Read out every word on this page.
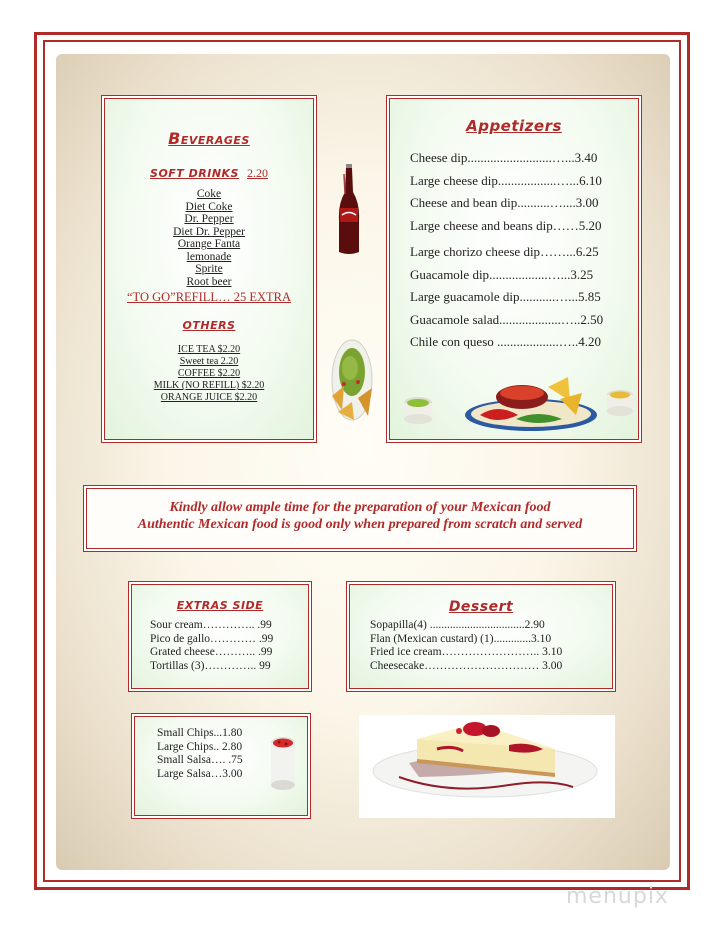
Beverages
SOFT DRINKS 2.20
Coke
Diet Coke
Dr. Pepper
Diet Dr. Pepper
Orange Fanta
lemonade
Sprite
Root beer
“TO GO”REFILL… 25 EXTRA
OTHERS
ICE TEA $2.20
Sweet tea 2.20
COFFEE $2.20
MILK (NO REFILL) $2.20
ORANGE JUICE $2.20
Appetizers
Cheese dip..........................…...3.40
Large cheese dip..................…...6.10
Cheese and bean dip..........…....3.00
Large cheese and beans dip……5.20
Large chorizo cheese dip……...6.25
Guacamole dip..................…...3.25
Large guacamole dip...........…...5.85
Guacamole salad...................…..2.50
Chile con queso ...................…..4.20
Kindly allow ample time for the preparation of your Mexican food
Authentic Mexican food is good only when prepared from scratch and served
EXTRAS SIDE
Sour cream………….. .99
Pico de gallo………… .99
Grated cheese……….. .99
Tortillas (3)………….. 99
Dessert
Sopapilla(4) .................................2.90
Flan (Mexican custard) (1).............3.10
Fried ice cream…………………….. 3.10
Cheesecake………………………… 3.00
Small Chips...1.80
Large Chips.. 2.80
Small Salsa…. .75
Large Salsa…3.00
menupix
